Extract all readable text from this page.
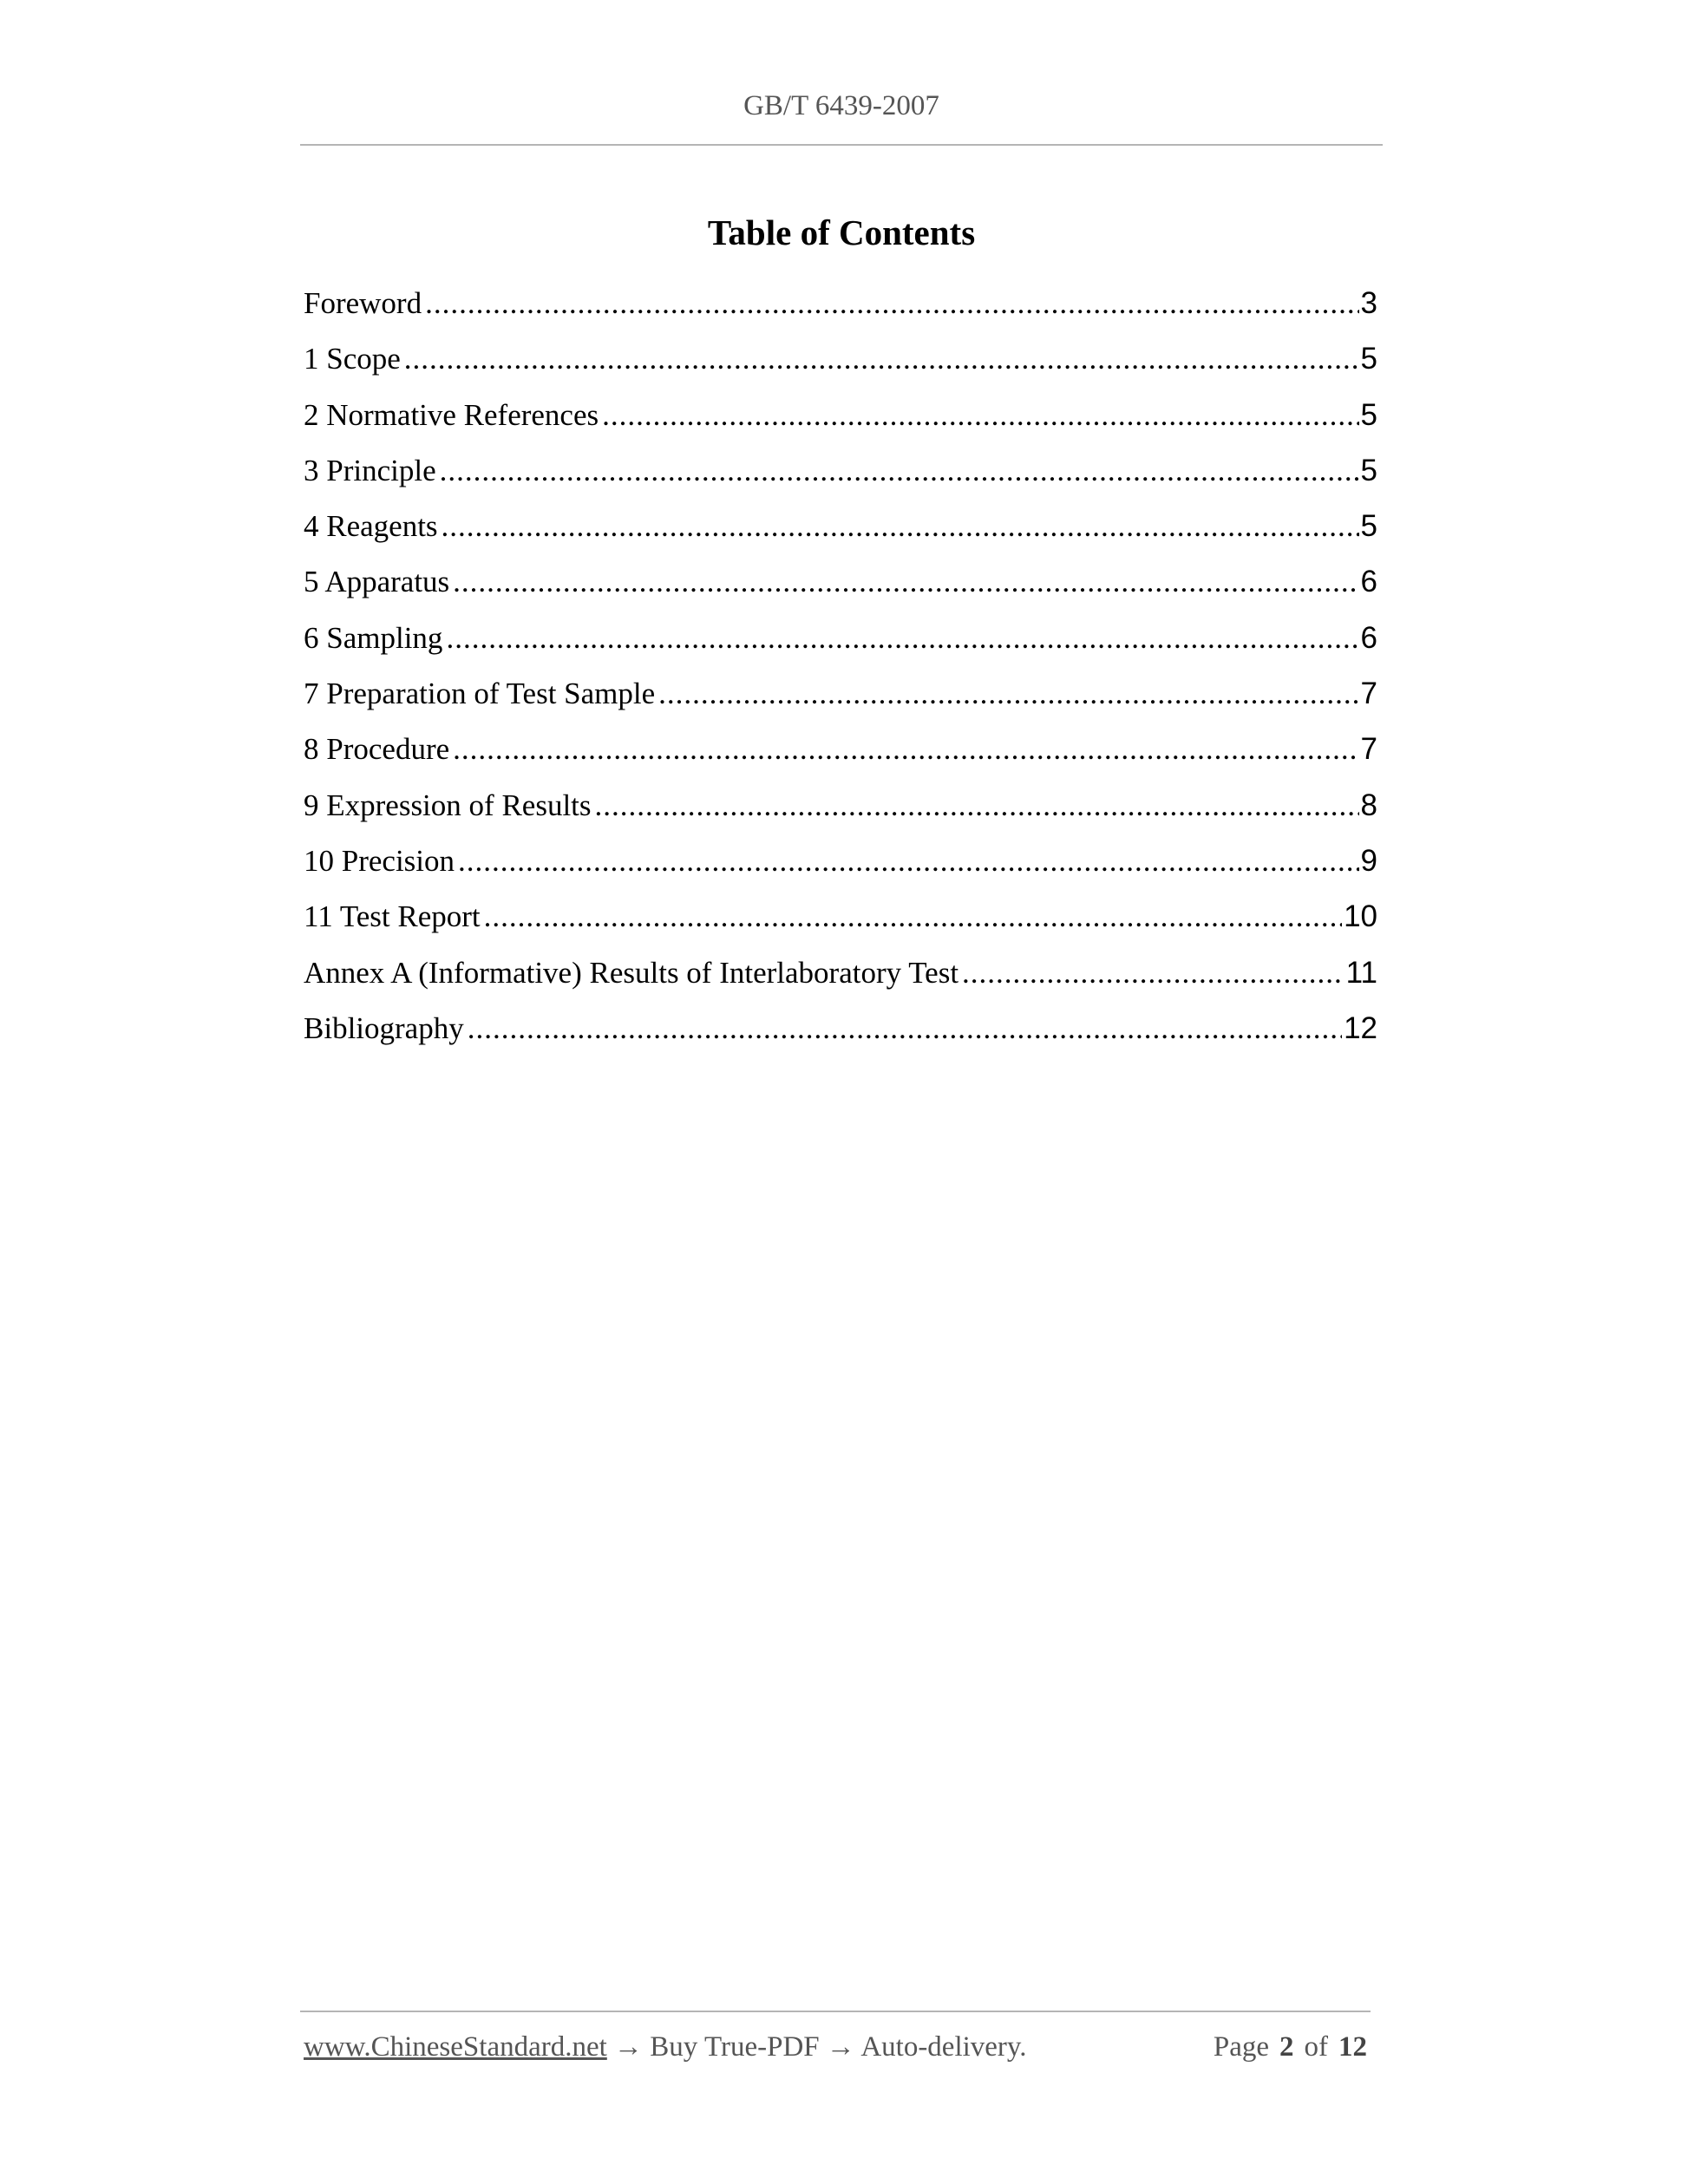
GB/T 6439-2007
Table of Contents
Foreword .....	3
1 Scope .....	5
2 Normative References .....	5
3 Principle .....	5
4 Reagents .....	5
5 Apparatus .....	6
6 Sampling .....	6
7 Preparation of Test Sample .....	7
8 Procedure .....	7
9 Expression of Results .....	8
10 Precision .....	9
11 Test Report .....	10
Annex A (Informative) Results of Interlaboratory Test .....	11
Bibliography .....	12
www.ChineseStandard.net → Buy True-PDF → Auto-delivery.	Page 2 of 12
